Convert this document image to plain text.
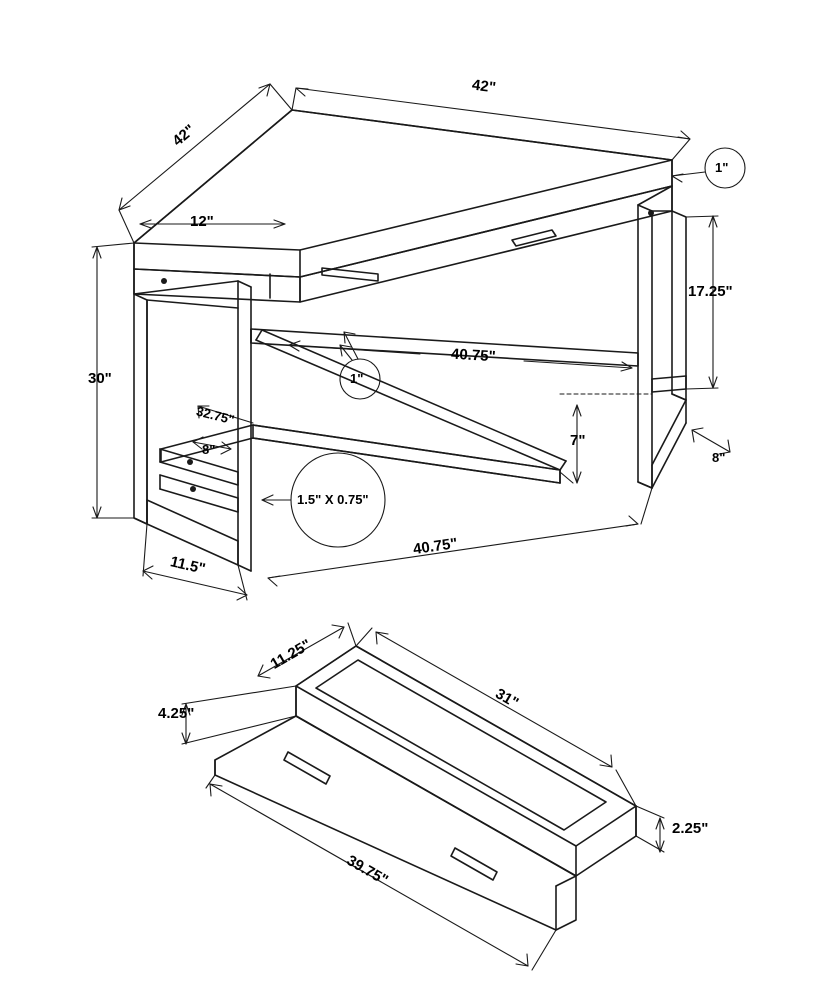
42"
42"
12"
30"
17.25"
7"
8"
8"
40.75"
32.75"
11.5"
40.75"
1"
1"
1.5" X 0.75"
11.25"
4.25"
31"
2.25"
39.75"
